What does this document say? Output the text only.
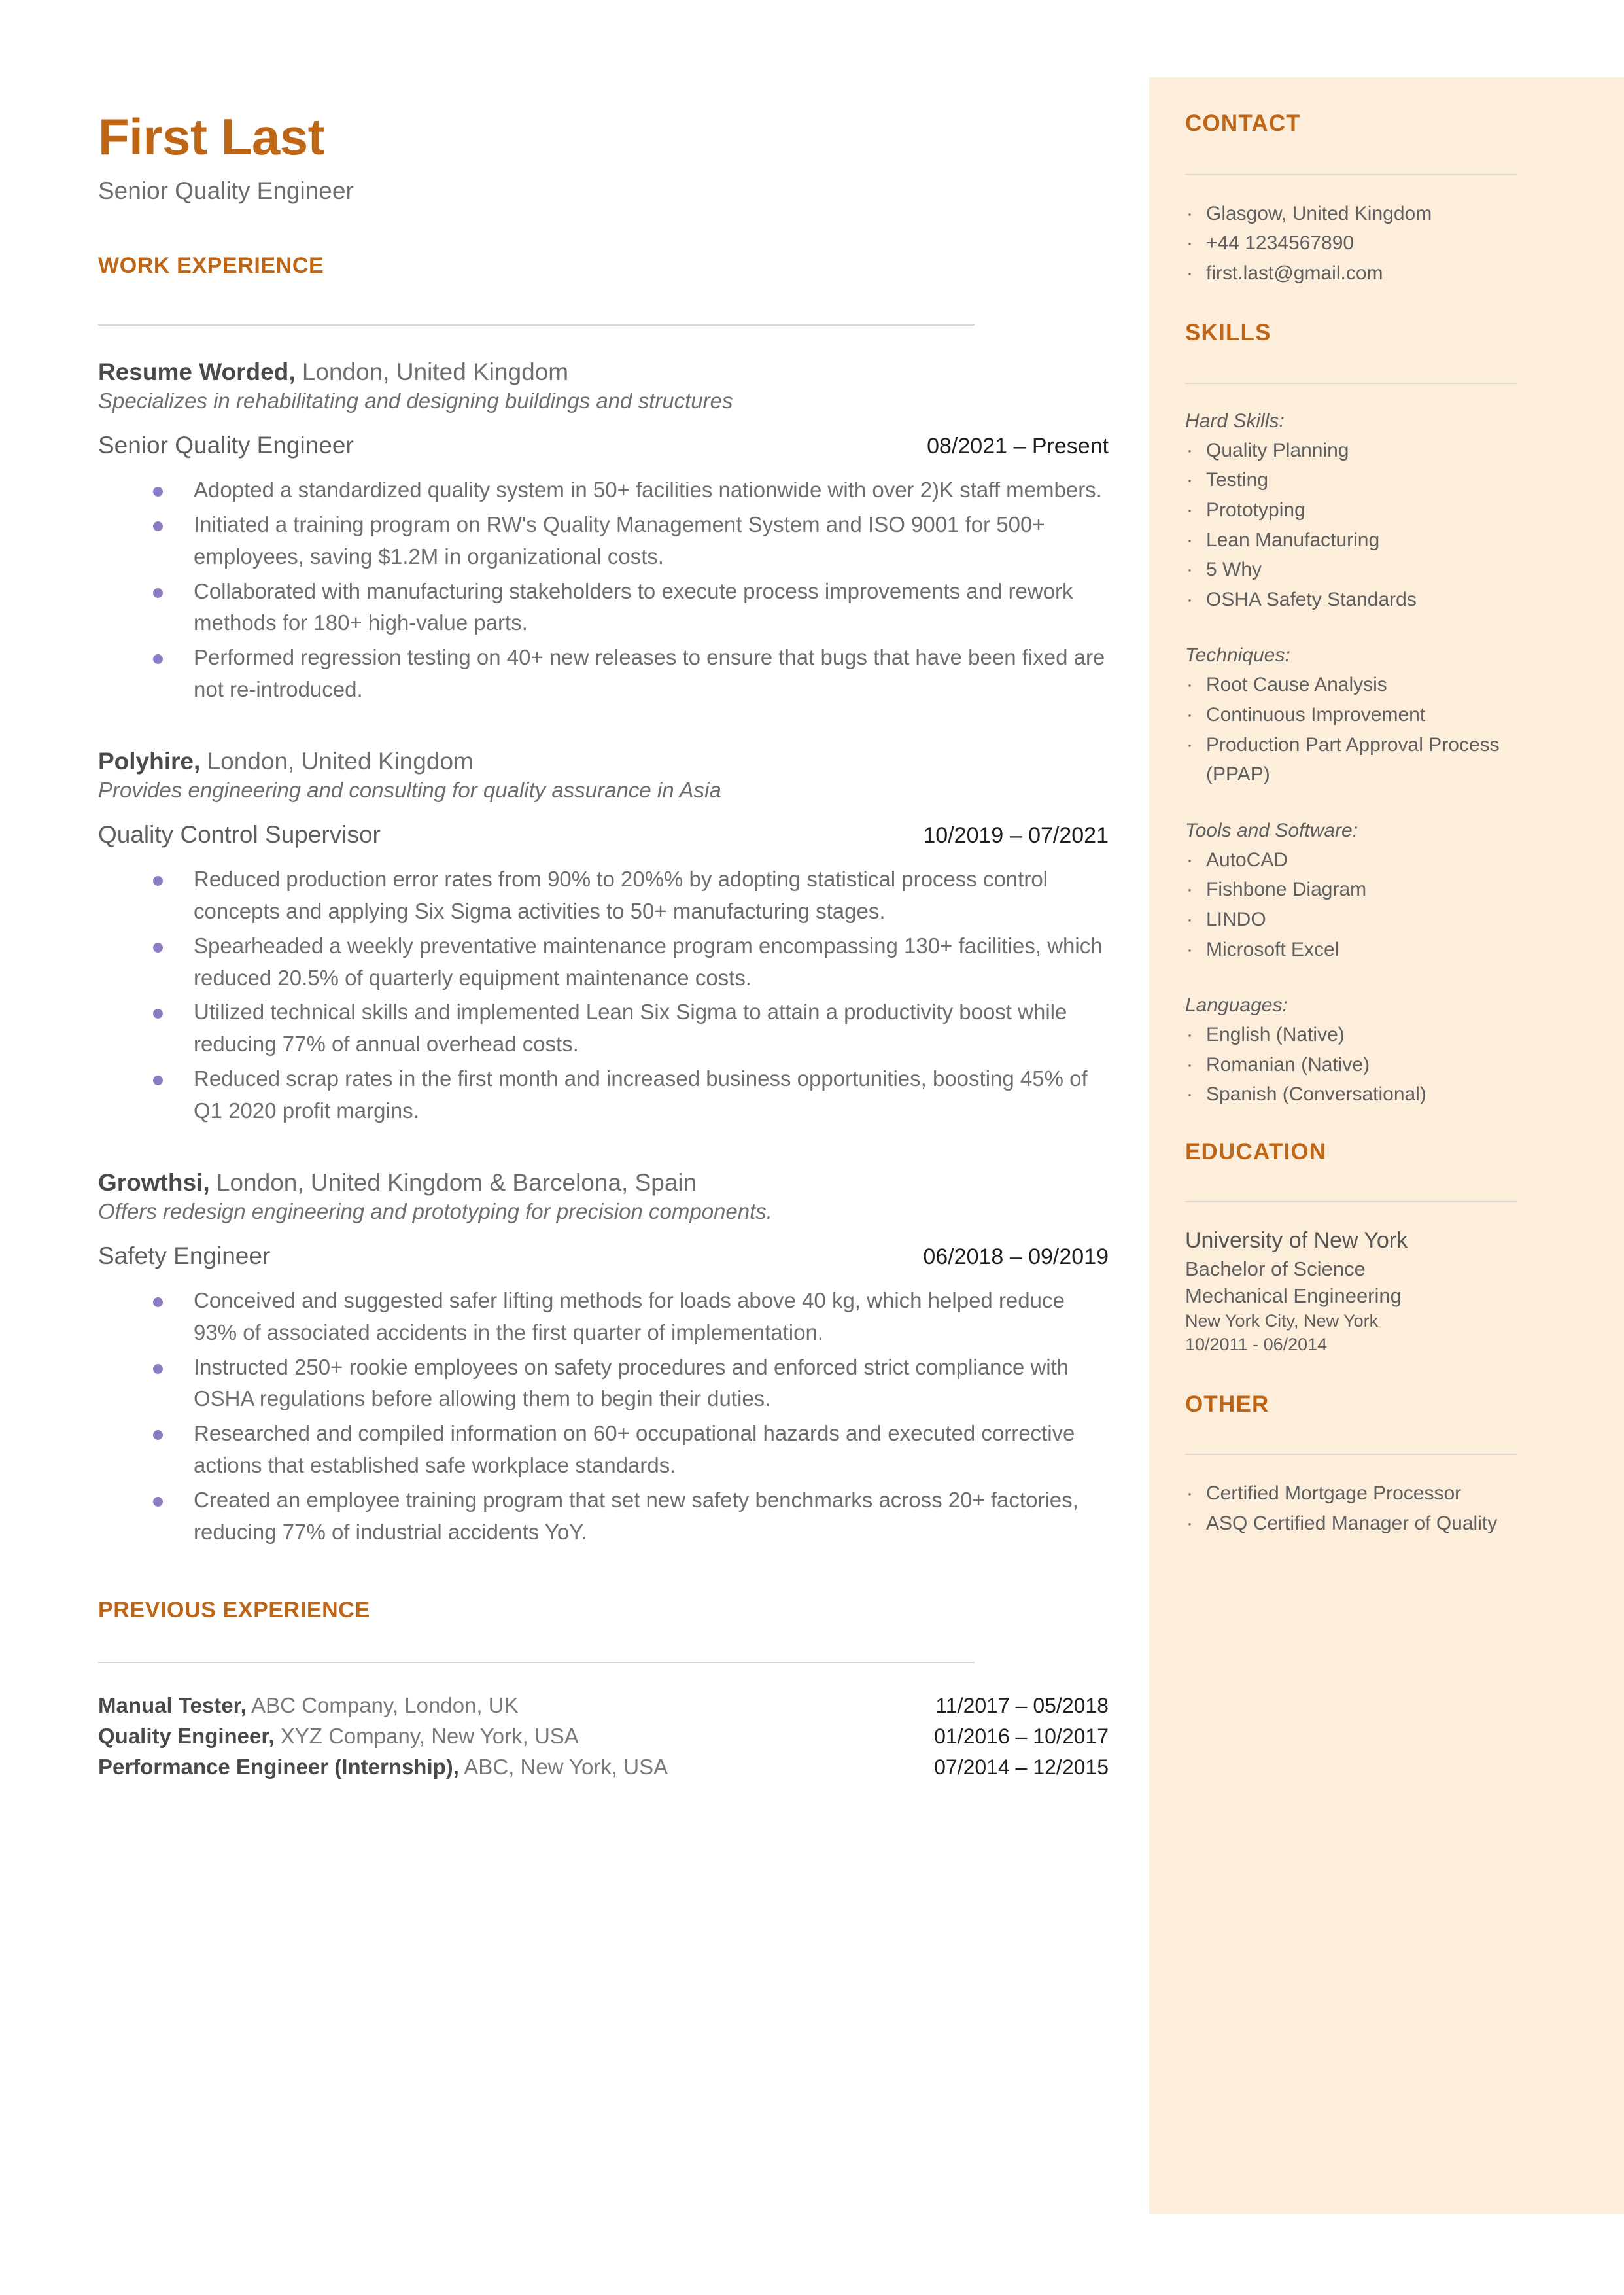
First Last
Senior Quality Engineer
WORK EXPERIENCE
Resume Worded, London, United Kingdom
Specializes in rehabilitating and designing buildings and structures
Senior Quality Engineer	08/2021 – Present
Adopted a standardized quality system in 50+ facilities nationwide with over 2)K staff members.
Initiated a training program on RW's Quality Management System and ISO 9001 for 500+ employees, saving $1.2M in organizational costs.
Collaborated with manufacturing stakeholders to execute process improvements and rework methods for 180+ high-value parts.
Performed regression testing on 40+ new releases to ensure that bugs that have been fixed are not re-introduced.
Polyhire, London, United Kingdom
Provides engineering and consulting for quality assurance in Asia
Quality Control Supervisor	10/2019 – 07/2021
Reduced production error rates from 90% to 20%% by adopting statistical process control concepts and applying Six Sigma activities to 50+ manufacturing stages.
Spearheaded a weekly preventative maintenance program encompassing 130+ facilities, which reduced 20.5% of quarterly equipment maintenance costs.
Utilized technical skills and implemented Lean Six Sigma to attain a productivity boost while reducing 77% of annual overhead costs.
Reduced scrap rates in the first month and increased business opportunities, boosting 45% of Q1 2020 profit margins.
Growthsi, London, United Kingdom & Barcelona, Spain
Offers redesign engineering and prototyping for precision components.
Safety Engineer	06/2018 – 09/2019
Conceived and suggested safer lifting methods for loads above 40 kg, which helped reduce 93% of associated accidents in the first quarter of implementation.
Instructed 250+ rookie employees on safety procedures and enforced strict compliance with OSHA regulations before allowing them to begin their duties.
Researched and compiled information on 60+ occupational hazards and executed corrective actions that established safe workplace standards.
Created an employee training program that set new safety benchmarks across 20+ factories, reducing 77% of industrial accidents YoY.
PREVIOUS EXPERIENCE
Manual Tester, ABC Company, London, UK	11/2017 – 05/2018
Quality Engineer, XYZ Company, New York, USA	01/2016 – 10/2017
Performance Engineer (Internship), ABC, New York, USA	07/2014 – 12/2015
CONTACT
· Glasgow, United Kingdom
· +44 1234567890
· first.last@gmail.com
SKILLS
Hard Skills:
· Quality Planning
· Testing
· Prototyping
· Lean Manufacturing
· 5 Why
· OSHA Safety Standards
Techniques:
· Root Cause Analysis
· Continuous Improvement
· Production Part Approval Process (PPAP)
Tools and Software:
· AutoCAD
· Fishbone Diagram
· LINDO
· Microsoft Excel
Languages:
· English (Native)
· Romanian (Native)
· Spanish (Conversational)
EDUCATION
University of New York
Bachelor of Science
Mechanical Engineering
New York City, New York
10/2011 - 06/2014
OTHER
· Certified Mortgage Processor
· ASQ Certified Manager of Quality
